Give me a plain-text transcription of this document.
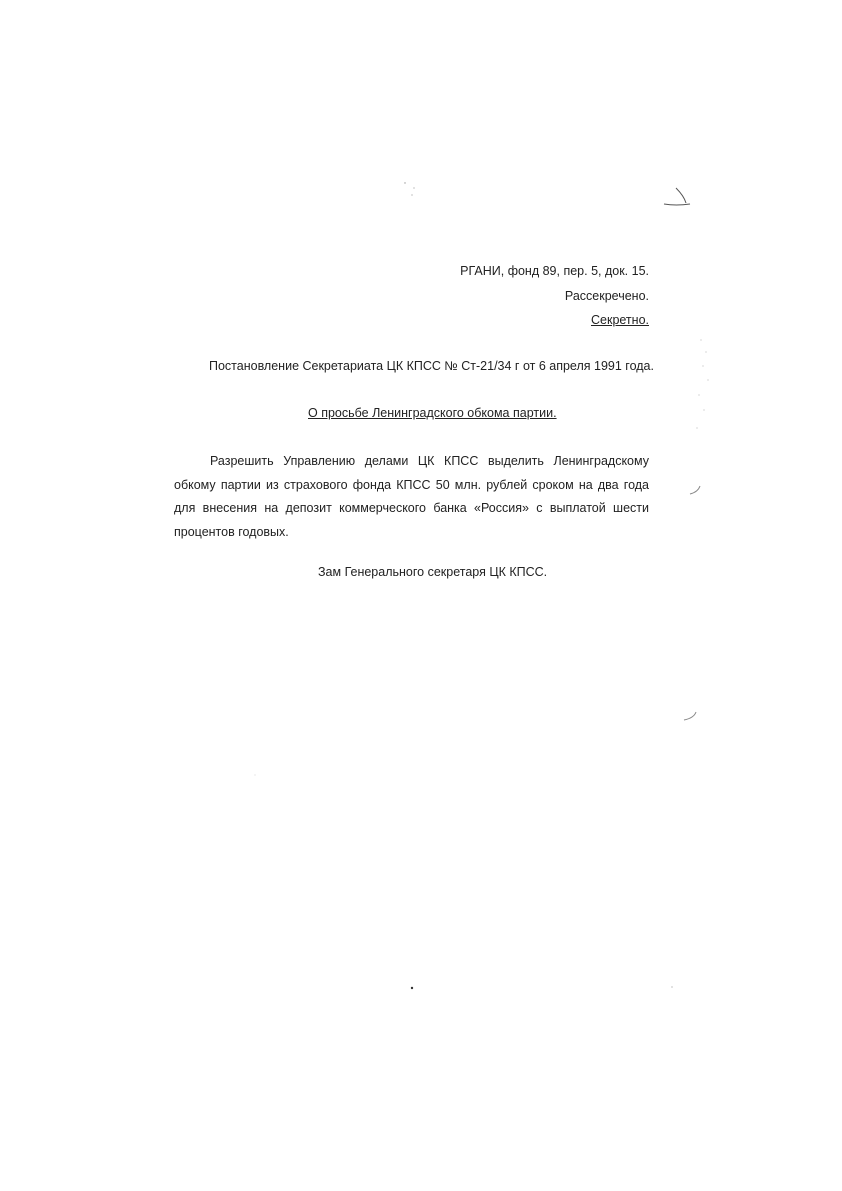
РГАНИ, фонд 89, пер. 5, док. 15.
Рассекречено.
Секретно.
Постановление Секретариата ЦК КПСС № Ст-21/34 г от 6 апреля 1991 года.
О просьбе Ленинградского обкома партии.

Разрешить Управлению делами ЦК КПСС выделить Ленинградскому обкому партии из страхового фонда КПСС 50 млн. рублей сроком на два года для внесения на депозит коммерческого банка «Россия» с выплатой шести процентов годовых.

Зам Генерального секретаря ЦК КПСС.
